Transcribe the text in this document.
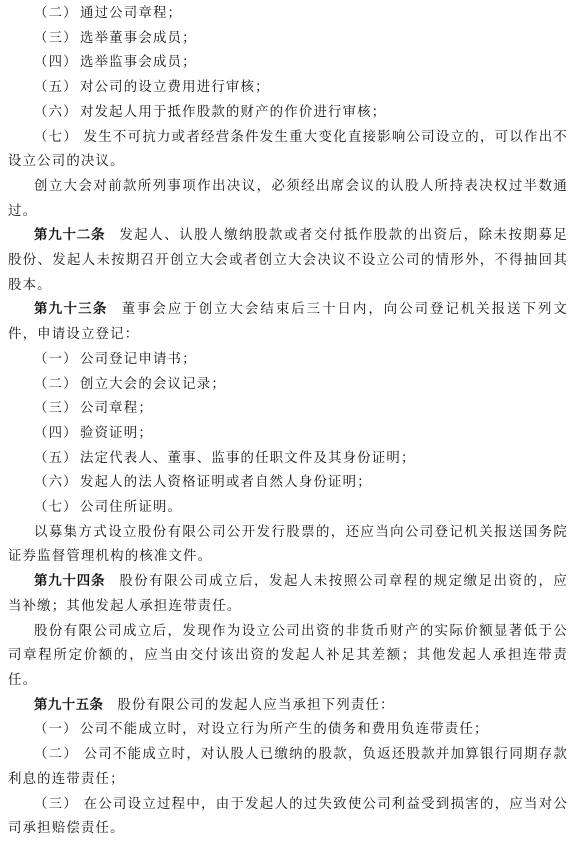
（二） 通过公司章程；
（三） 选举董事会成员；
（四） 选举监事会成员；
（五） 对公司的设立费用进行审核；
（六） 对发起人用于抵作股款的财产的作价进行审核；

（七） 发生不可抗力或者经营条件发生重大变化直接影响公司设立的，可以作出不设立公司的决议。

创立大会对前款所列事项作出决议，必须经出席会议的认股人所持表决权过半数通过。

第九十二条 发起人、认股人缴纳股款或者交付抵作股款的出资后，除未按期募足股份、发起人未按期召开创立大会或者创立大会决议不设立公司的情形外，不得抽回其股本。

第九十三条 董事会应于创立大会结束后三十日内，向公司登记机关报送下列文件，申请设立登记：

（一） 公司登记申请书；
（二） 创立大会的会议记录；
（三） 公司章程；
（四） 验资证明；
（五） 法定代表人、董事、监事的任职文件及其身份证明；
（六） 发起人的法人资格证明或者自然人身份证明；
（七） 公司住所证明。

以募集方式设立股份有限公司公开发行股票的，还应当向公司登记机关报送国务院证券监督管理机构的核准文件。

第九十四条 股份有限公司成立后，发起人未按照公司章程的规定缴足出资的，应当补缴；其他发起人承担连带责任。

股份有限公司成立后，发现作为设立公司出资的非货币财产的实际价额显著低于公司章程所定价额的，应当由交付该出资的发起人补足其差额；其他发起人承担连带责任。

第九十五条 股份有限公司的发起人应当承担下列责任：

（一） 公司不能成立时，对设立行为所产生的债务和费用负连带责任；

（二） 公司不能成立时，对认股人已缴纳的股款，负返还股款并加算银行同期存款利息的连带责任；

（三） 在公司设立过程中，由于发起人的过失致使公司利益受到损害的，应当对公司承担赔偿责任。
